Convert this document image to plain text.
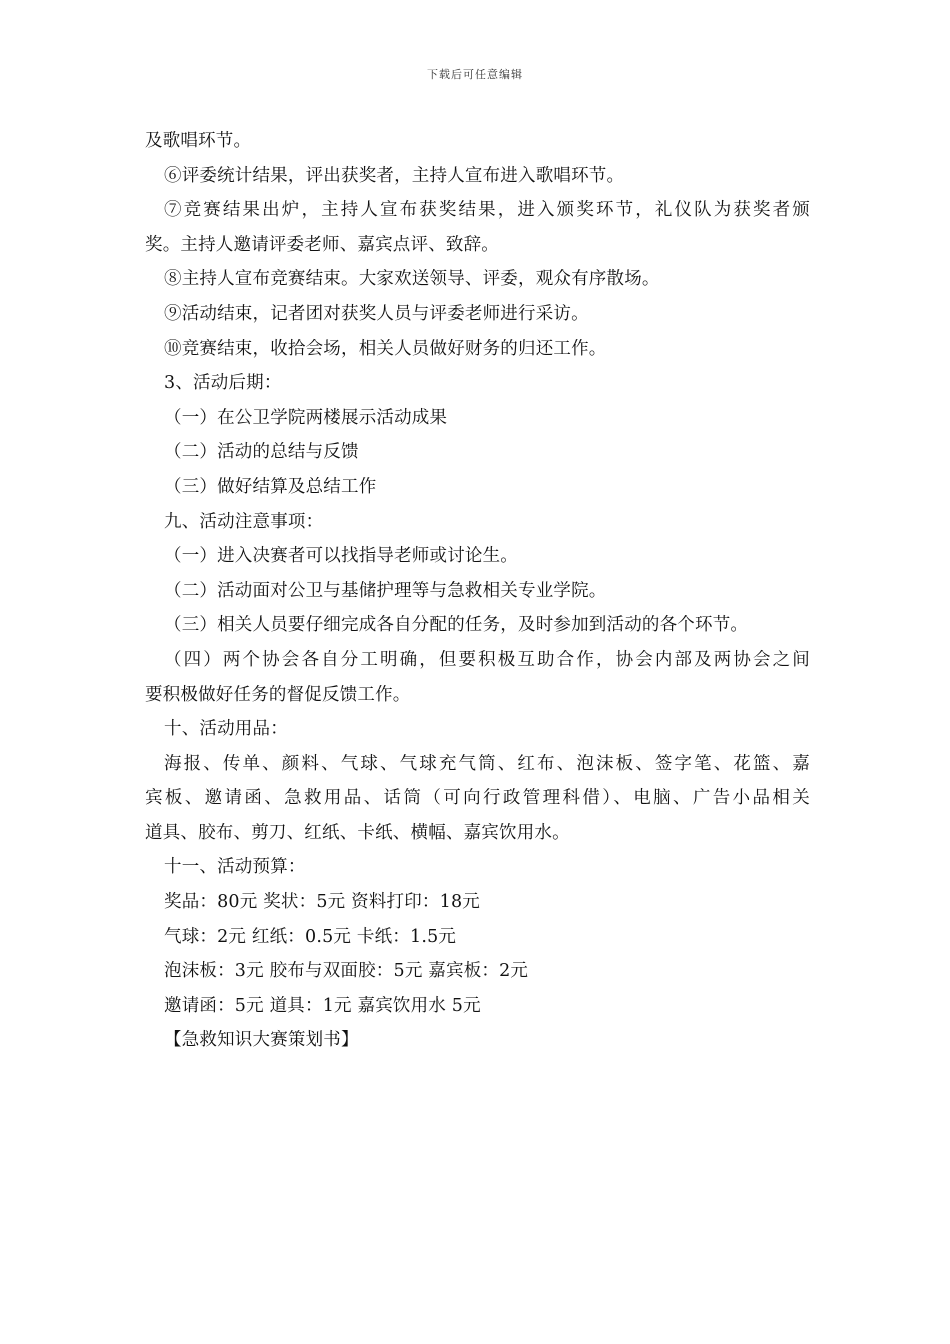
下载后可任意编辑
及歌唱环节。
⑥评委统计结果，评出获奖者，主持人宣布进入歌唱环节。
⑦竞赛结果出炉，主持人宣布获奖结果，进入颁奖环节，礼仪队为获奖者颁
奖。主持人邀请评委老师、嘉宾点评、致辞。
⑧主持人宣布竞赛结束。大家欢送领导、评委，观众有序散场。
⑨活动结束，记者团对获奖人员与评委老师进行采访。
⑩竞赛结束，收拾会场，相关人员做好财务的归还工作。
3、活动后期：
（一）在公卫学院两楼展示活动成果
（二）活动的总结与反馈
（三）做好结算及总结工作
九、活动注意事项：
（一）进入决赛者可以找指导老师或讨论生。
（二）活动面对公卫与基储护理等与急救相关专业学院。
（三）相关人员要仔细完成各自分配的任务，及时参加到活动的各个环节。
（四）两个协会各自分工明确，但要积极互助合作，协会内部及两协会之间
要积极做好任务的督促反馈工作。
十、活动用品：
海报、传单、颜料、气球、气球充气筒、红布、泡沫板、签字笔、花篮、嘉
宾板、邀请函、急救用品、话筒（可向行政管理科借）、电脑、广告小品相关
道具、胶布、剪刀、红纸、卡纸、横幅、嘉宾饮用水。
十一、活动预算：
奖品：80元 奖状：5元 资料打印：18元
气球：2元 红纸：0.5元 卡纸：1.5元
泡沫板：3元 胶布与双面胶：5元 嘉宾板：2元
邀请函：5元 道具：1元 嘉宾饮用水 5元
【急救知识大赛策划书】
